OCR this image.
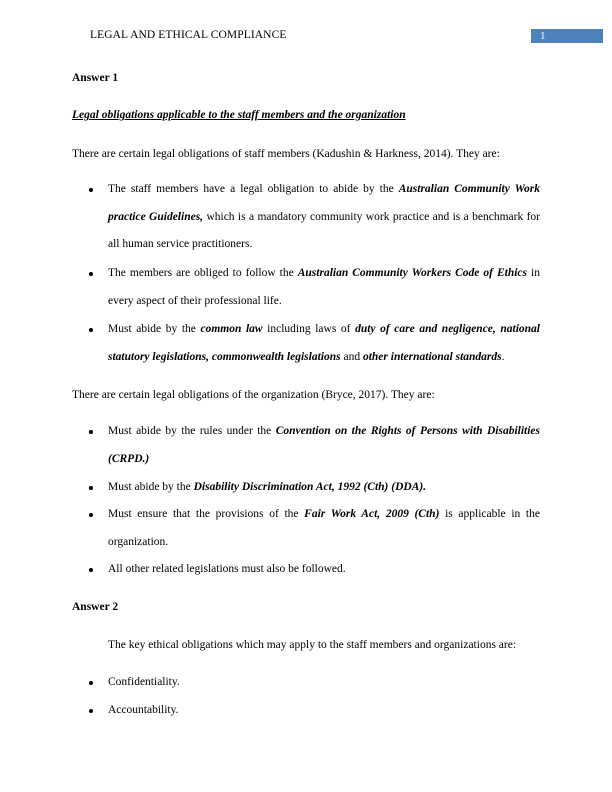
LEGAL AND ETHICAL COMPLIANCE	1
Answer 1
Legal obligations applicable to the staff members and the organization
There are certain legal obligations of staff members (Kadushin & Harkness, 2014). They are:
The staff members have a legal obligation to abide by the Australian Community Work practice Guidelines, which is a mandatory community work practice and is a benchmark for all human service practitioners.
The members are obliged to follow the Australian Community Workers Code of Ethics in every aspect of their professional life.
Must abide by the common law including laws of duty of care and negligence, national statutory legislations, commonwealth legislations and other international standards.
There are certain legal obligations of the organization (Bryce, 2017). They are:
Must abide by the rules under the Convention on the Rights of Persons with Disabilities (CRPD.)
Must abide by the Disability Discrimination Act, 1992 (Cth) (DDA).
Must ensure that the provisions of the Fair Work Act, 2009 (Cth) is applicable in the organization.
All other related legislations must also be followed.
Answer 2
The key ethical obligations which may apply to the staff members and organizations are:
Confidentiality.
Accountability.
